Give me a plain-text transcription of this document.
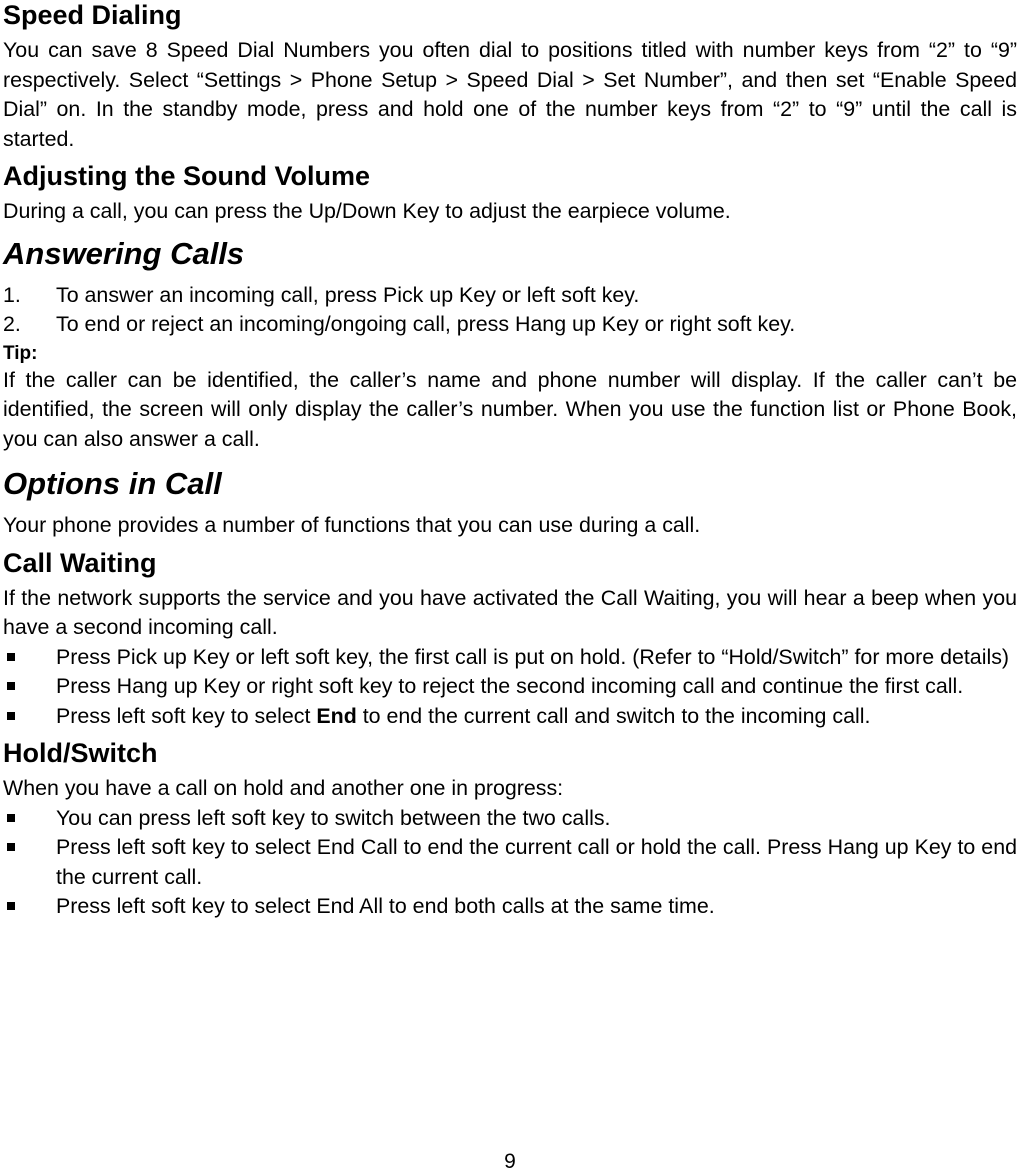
Speed Dialing

You can save 8 Speed Dial Numbers you often dial to positions titled with number keys from “2” to “9” respectively. Select “Settings > Phone Setup > Speed Dial > Set Number”, and then set “Enable Speed Dial” on. In the standby mode, press and hold one of the number keys from “2” to “9” until the call is started.

Adjusting the Sound Volume

During a call, you can press the Up/Down Key to adjust the earpiece volume.

Answering Calls
1. To answer an incoming call, press Pick up Key or left soft key.
2. To end or reject an incoming/ongoing call, press Hang up Key or right soft key.

Tip:

If the caller can be identified, the caller’s name and phone number will display. If the caller can’t be identified, the screen will only display the caller’s number. When you use the function list or Phone Book, you can also answer a call.

Options in Call

Your phone provides a number of functions that you can use during a call.

Call Waiting

If the network supports the service and you have activated the Call Waiting, you will hear a beep when you have a second incoming call.

Press Pick up Key or left soft key, the first call is put on hold. (Refer to “Hold/Switch” for more details)
Press Hang up Key or right soft key to reject the second incoming call and continue the first call.
Press left soft key to select End to end the current call and switch to the incoming call.
Hold/Switch

When you have a call on hold and another one in progress:

You can press left soft key to switch between the two calls.
Press left soft key to select End Call to end the current call or hold the call. Press Hang up Key to end the current call.
Press left soft key to select End All to end both calls at the same time.
9
